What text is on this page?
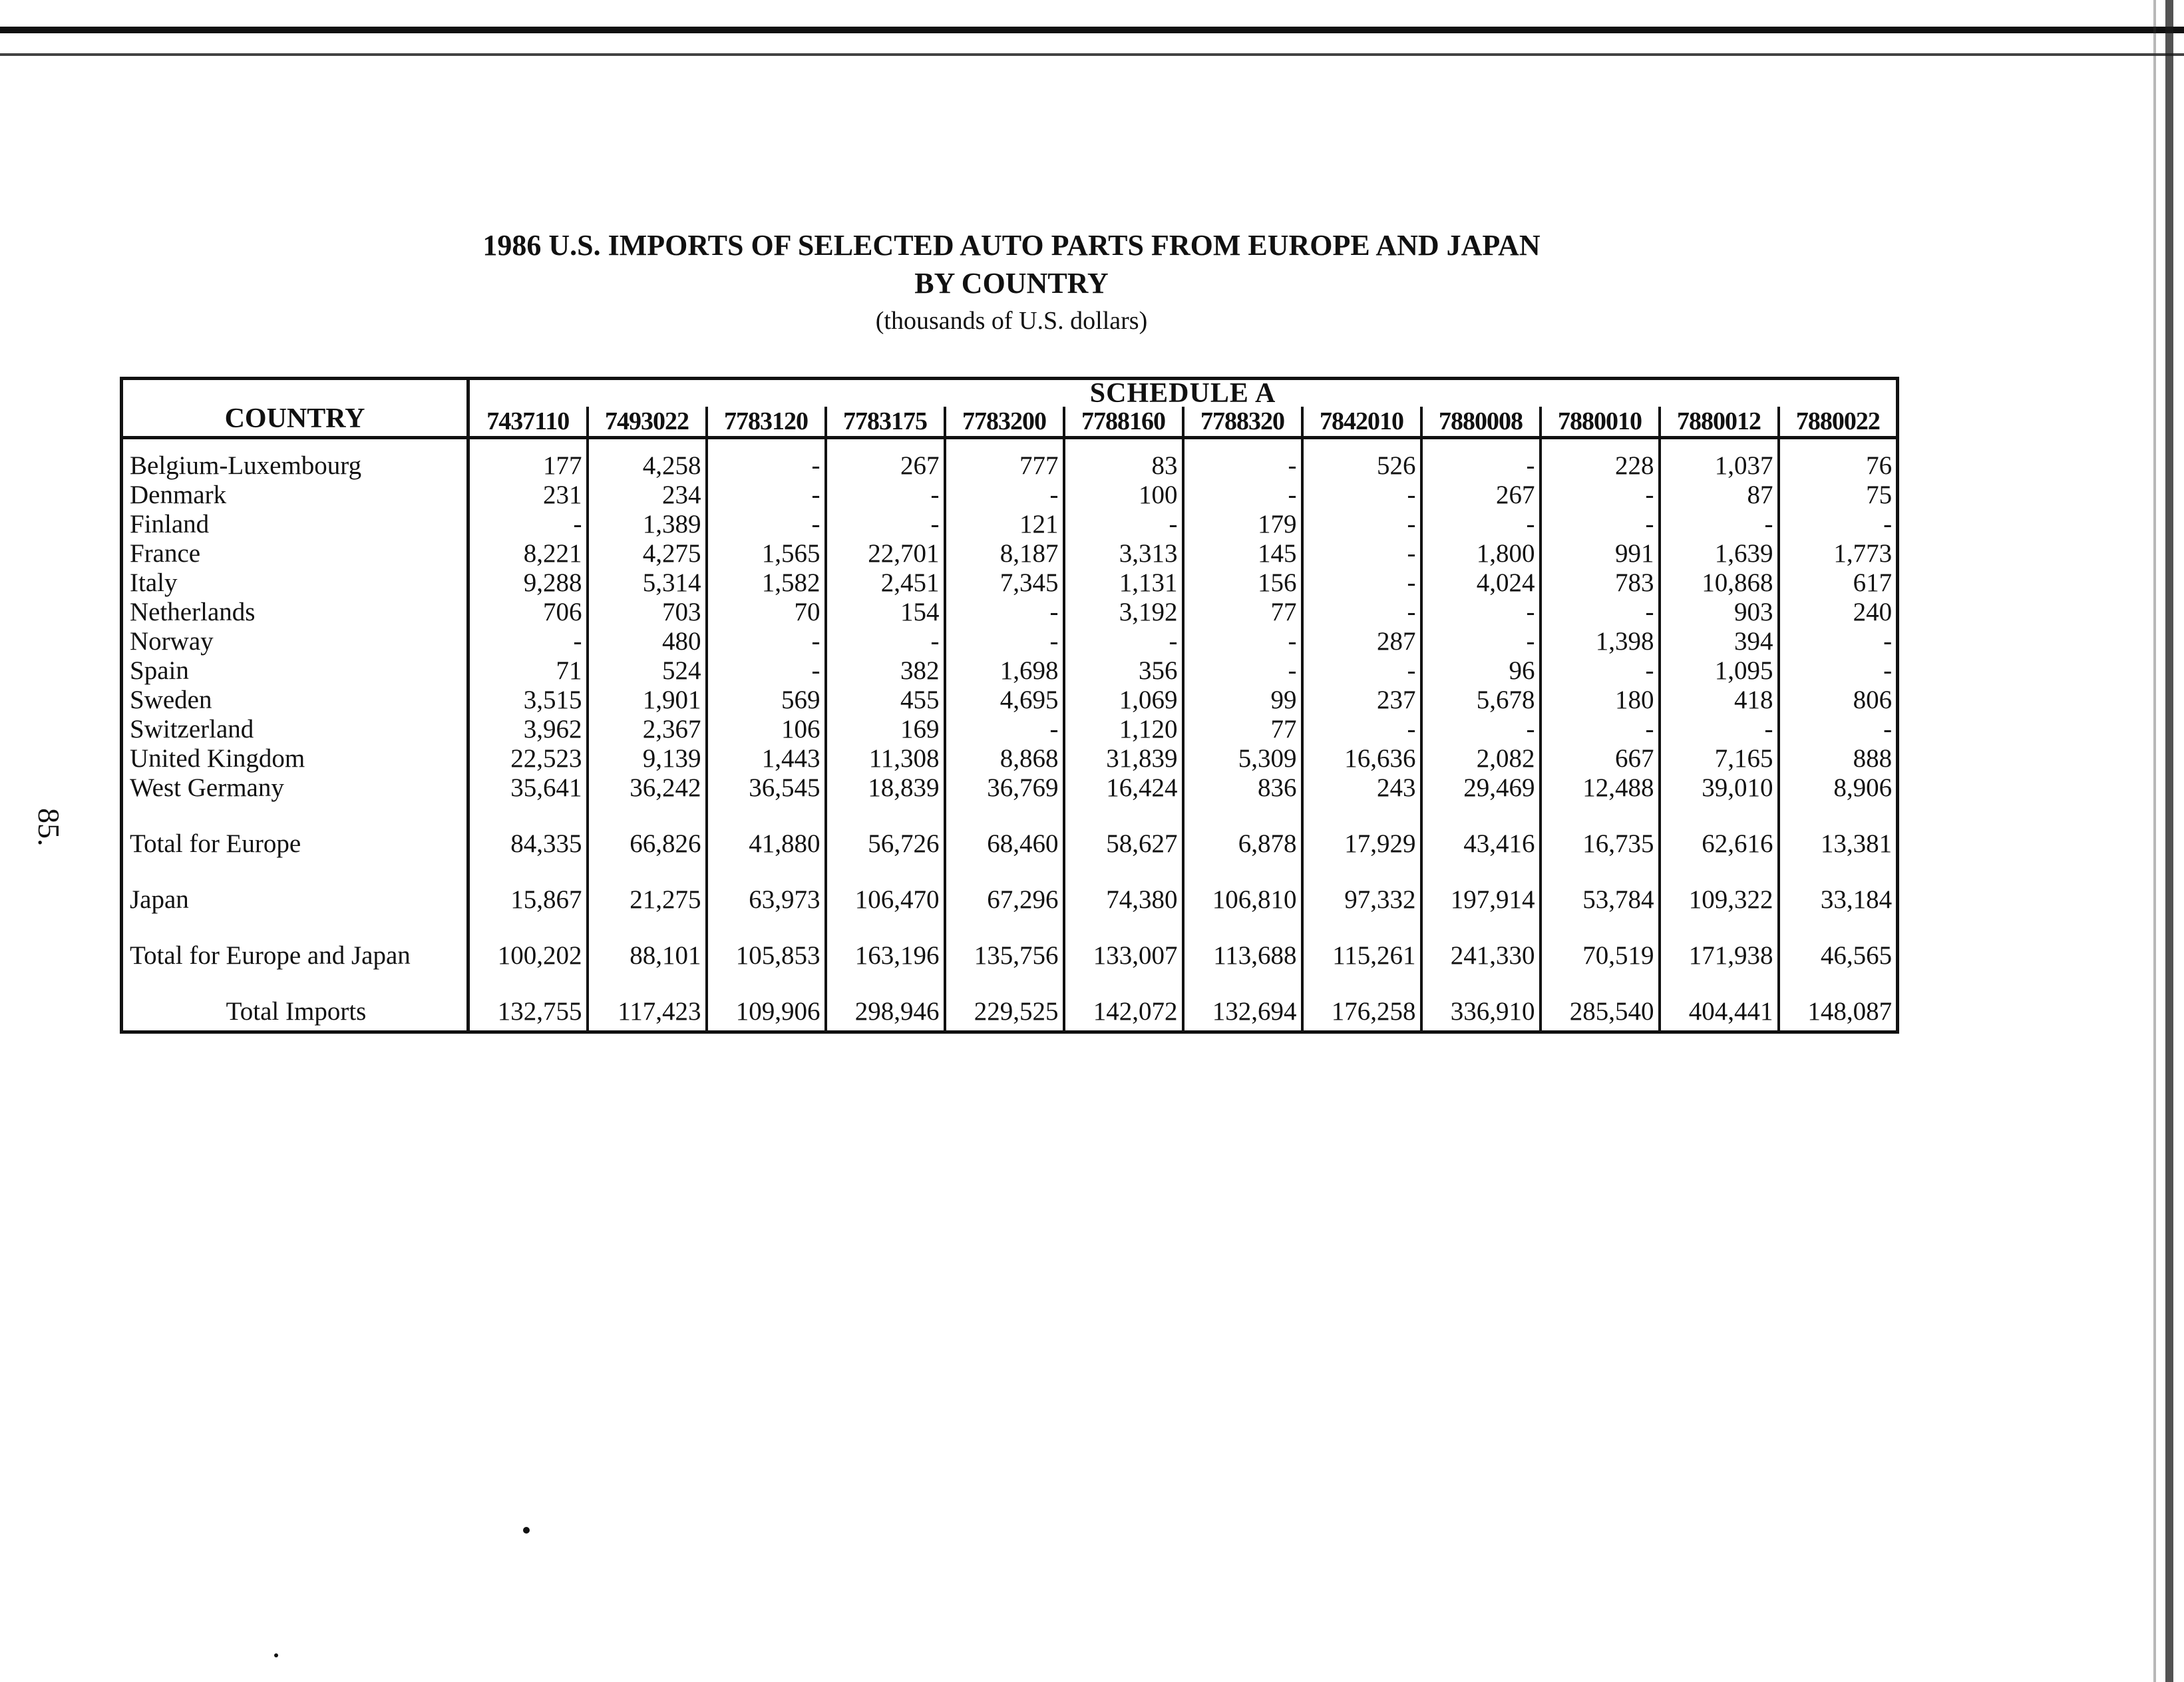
1986 U.S. IMPORTS OF SELECTED AUTO PARTS FROM EUROPE AND JAPAN
BY COUNTRY
(thousands of U.S. dollars)
COUNTRY	SCHEDULE A											
	7437110	7493022	7783120	7783175	7783200	7788160	7788320	7842010	7880008	7880010	7880012	7880022

Belgium-Luxembourg	177	4,258	-	267	777	83	-	526	-	228	1,037	76
Denmark	231	234	-	-	-	100	-	-	267	-	87	75
Finland	-	1,389	-	-	121	-	179	-	-	-	-	-
France	8,221	4,275	1,565	22,701	8,187	3,313	145	-	1,800	991	1,639	1,773
Italy	9,288	5,314	1,582	2,451	7,345	1,131	156	-	4,024	783	10,868	617
Netherlands	706	703	70	154	-	3,192	77	-	-	-	903	240
Norway	-	480	-	-	-	-	-	287	-	1,398	394	-
Spain	71	524	-	382	1,698	356	-	-	96	-	1,095	-
Sweden	3,515	1,901	569	455	4,695	1,069	99	237	5,678	180	418	806
Switzerland	3,962	2,367	106	169	-	1,120	77	-	-	-	-	-
United Kingdom	22,523	9,139	1,443	11,308	8,868	31,839	5,309	16,636	2,082	667	7,165	888
West Germany	35,641	36,242	36,545	18,839	36,769	16,424	836	243	29,469	12,488	39,010	8,906
Total for Europe	84,335	66,826	41,880	56,726	68,460	58,627	6,878	17,929	43,416	16,735	62,616	13,381
Japan	15,867	21,275	63,973	106,470	67,296	74,380	106,810	97,332	197,914	53,784	109,322	33,184
Total for Europe and Japan	100,202	88,101	105,853	163,196	135,756	133,007	113,688	115,261	241,330	70,519	171,938	46,565
Total Imports	132,755	117,423	109,906	298,946	229,525	142,072	132,694	176,258	336,910	285,540	404,441	148,087
85.
